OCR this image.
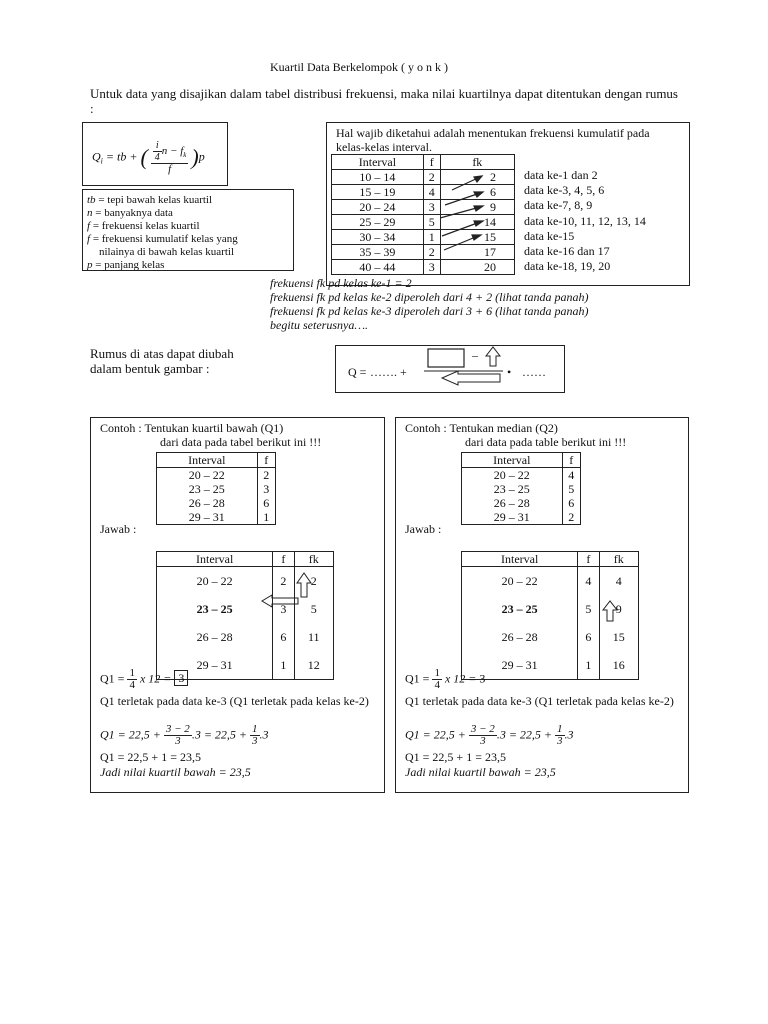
Kuartil Data Berkelompok ( y o n k )
Untuk data yang disajikan dalam tabel distribusi frekuensi, maka nilai kuartilnya dapat ditentukan dengan rumus :
$Q_i$ = tb + ( $\frac{\frac{i}{4} n - f_k}{f} )p$
tb = tepi bawah kelas kuartil
n = banyaknya data
f = frekuensi kelas kuartil
f = frekuensi kumulatif kelas yang
nilainya di bawah kelas kuartil
p = panjang kelas
Hal wajib diketahui adalah menentukan frekuensi kumulatif pada kelas-kelas interval.
Interval	f	fk
10 – 14	2	2
15 – 19	4	6
20 – 24	3	9
25 – 29	5	14
30 – 34	1	15
35 – 39	2	17
40 – 44	3	20
data ke-1 dan 2
data ke-3, 4, 5, 6
data ke-7, 8, 9
data ke-10, 11, 12, 13, 14
data ke-15
data ke-16 dan 17
data ke-18, 19, 20
frekuensi fk pd kelas ke-1 = 2
frekuensi fk pd kelas ke-2 diperoleh dari 4 + 2 (lihat tanda panah)
frekuensi fk pd kelas ke-3 diperoleh dari 3 + 6 (lihat tanda panah)
begitu seterusnya….
Rumus di atas dapat diubah
dalam bentuk gambar :	Q = ……. +
–
• ……
Contoh : Tentukan kuartil bawah (Q1)
dari data pada tabel berikut ini !!!
Interval	f
20 – 22	2
23 – 25	3
26 – 28	6
29 – 31	1
Jawab :
Interval	f	fk
20 – 22	2	2
23 – 25	3	5
26 – 28	6	11
29 – 31	1	12
$Q1 = \frac{1}{4}$ x 12 = 3
Q1 terletak pada data ke-3 (Q1 terletak pada kelas ke-2)
$Q1 = 22,5 + \frac{3 - 2}{3} .3 = 22,5 + \frac{1}{3} .3$
Q1 = 22,5 + 1 = 23,5
Jadi nilai kuartil bawah = 23,5
Contoh : Tentukan median (Q2)
dari data pada table berikut ini !!!
Interval	f
20 – 22	4
23 – 25	5
26 – 28	6
29 – 31	2
Jawab :
Interval	f	fk
20 – 22	4	4
23 – 25	5	9
26 – 28	6	15
29 – 31	1	16
$Q1 = \frac{1}{4}$ x 12 = 3
Q1 terletak pada data ke-3 (Q1 terletak pada kelas ke-2)
$Q1 = 22,5 + \frac{3 - 2}{3} .3 = 22,5 + \frac{1}{3} .3$
Q1 = 22,5 + 1 = 23,5
Jadi nilai kuartil bawah = 23,5
